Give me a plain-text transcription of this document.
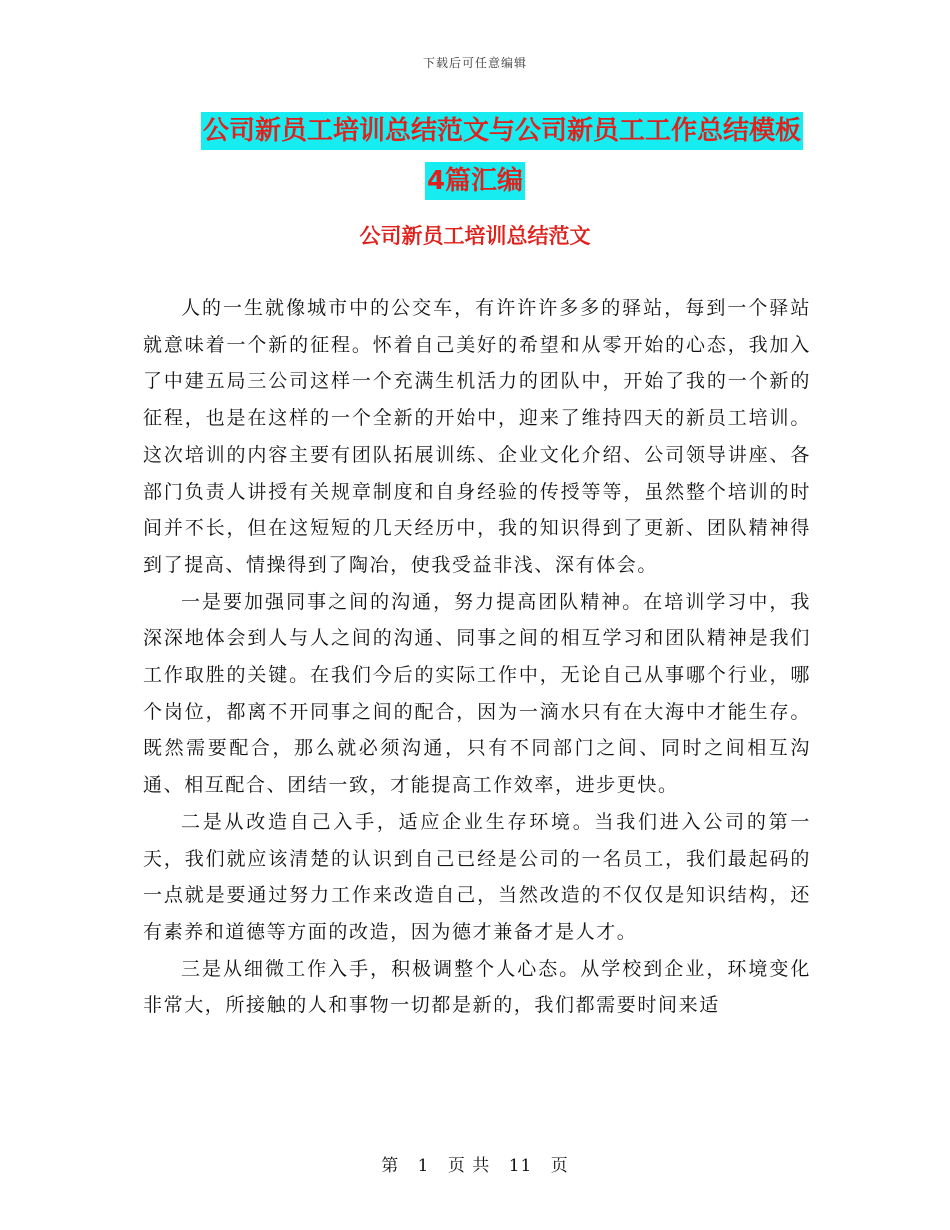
下载后可任意编辑
公司新员工培训总结范文与公司新员工工作总结模板
4篇汇编
公司新员工培训总结范文

人的一生就像城市中的公交车，有许许许多多的驿站，每到一个驿站就意味着一个新的征程。怀着自己美好的希望和从零开始的心态，我加入了中建五局三公司这样一个充满生机活力的团队中，开始了我的一个新的征程，也是在这样的一个全新的开始中，迎来了维持四天的新员工培训。这次培训的内容主要有团队拓展训练、企业文化介绍、公司领导讲座、各部门负责人讲授有关规章制度和自身经验的传授等等，虽然整个培训的时间并不长，但在这短短的几天经历中，我的知识得到了更新、团队精神得到了提高、情操得到了陶冶，使我受益非浅、深有体会。

一是要加强同事之间的沟通，努力提高团队精神。在培训学习中，我深深地体会到人与人之间的沟通、同事之间的相互学习和团队精神是我们工作取胜的关键。在我们今后的实际工作中，无论自己从事哪个行业，哪个岗位，都离不开同事之间的配合，因为一滴水只有在大海中才能生存。既然需要配合，那么就必须沟通，只有不同部门之间、同时之间相互沟通、相互配合、团结一致，才能提高工作效率，进步更快。

二是从改造自己入手，适应企业生存环境。当我们进入公司的第一天，我们就应该清楚的认识到自己已经是公司的一名员工，我们最起码的一点就是要通过努力工作来改造自己，当然改造的不仅仅是知识结构，还有素养和道德等方面的改造，因为德才兼备才是人才。

三是从细微工作入手，积极调整个人心态。从学校到企业，环境变化非常大，所接触的人和事物一切都是新的，我们都需要时间来适

第 1 页 共 11 页
